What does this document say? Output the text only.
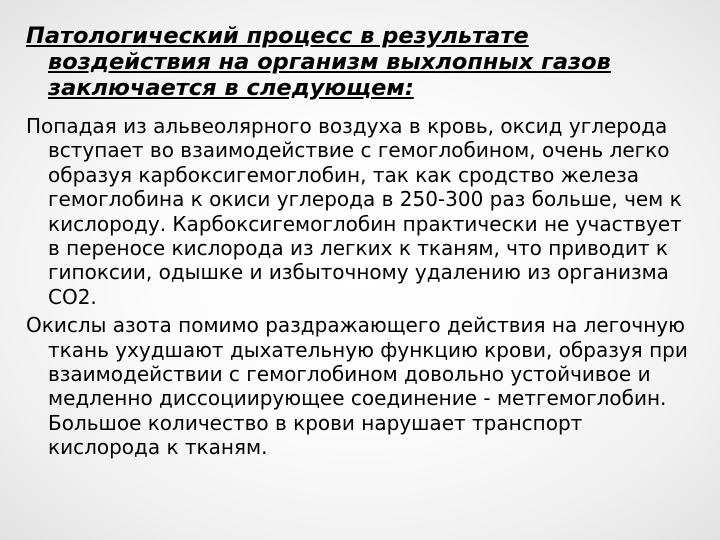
Патологический процесс в результате воздействия на организм выхлопных газов заключается в следующем:

Попадая из альвеолярного воздуха в кровь, оксид углерода вступает во взаимодействие с гемоглобином, очень легко образуя карбоксигемоглобин, так как сродство железа гемоглобина к окиси углерода в 250-300 раз больше, чем к кислороду. Карбоксигемоглобин практически не участвует в переносе кислорода из легких к тканям, что приводит к гипоксии, одышке и избыточному удалению из организма СО2.

Окислы азота помимо раздражающего действия на легочную ткань ухудшают дыхательную функцию крови, образуя при взаимодействии с гемоглобином довольно устойчивое и медленно диссоциирующее соединение - метгемоглобин. Большое количество в крови нарушает транспорт кислорода к тканям.
